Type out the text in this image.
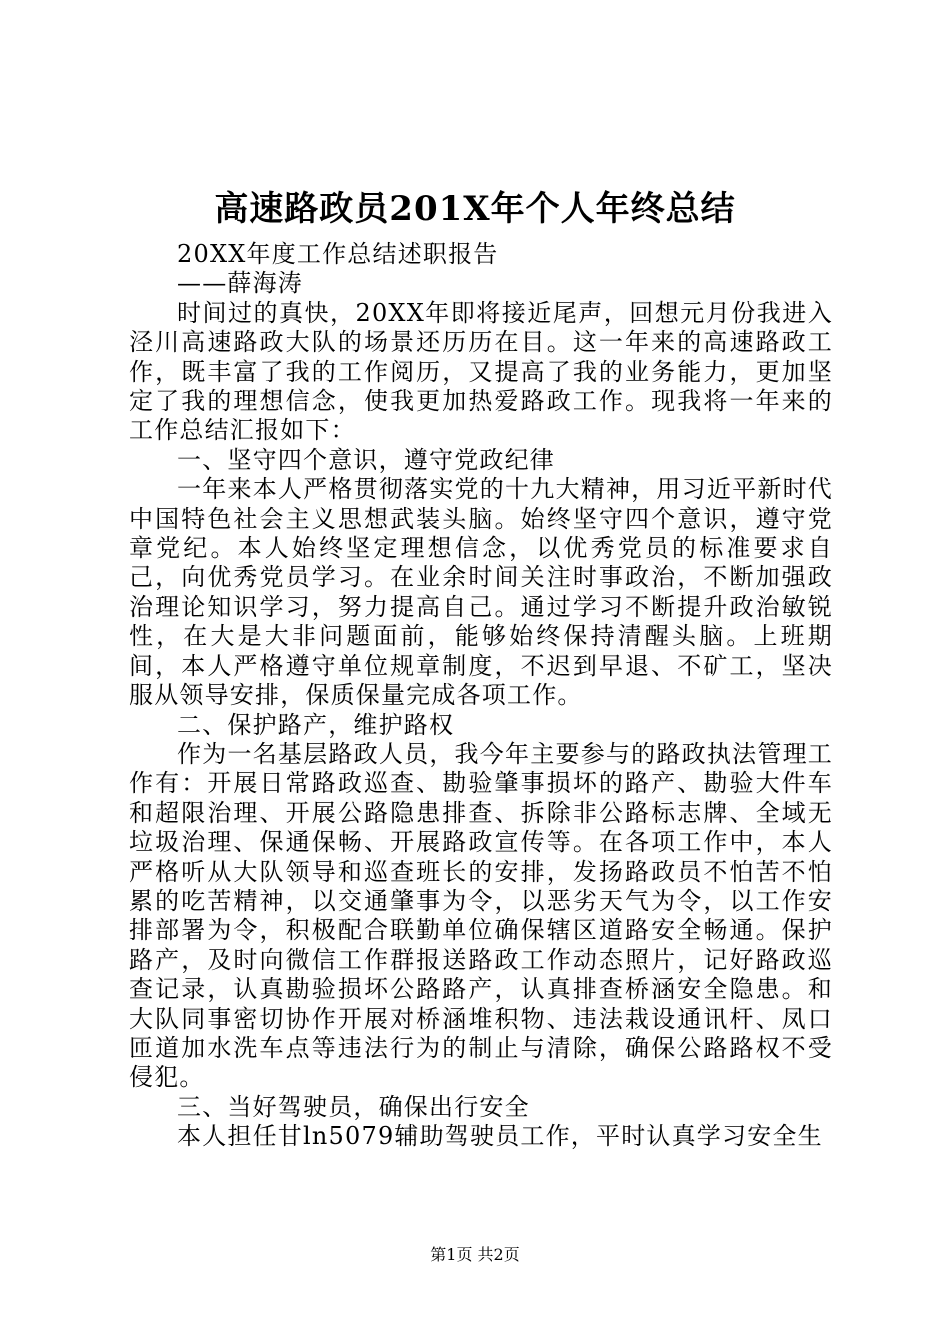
高速路政员201X年个人年终总结

20XX年度工作总结述职报告

——薛海涛

时间过的真快，20XX年即将接近尾声，回想元月份我进入泾川高速路政大队的场景还历历在目。这一年来的高速路政工作，既丰富了我的工作阅历，又提高了我的业务能力，更加坚定了我的理想信念，使我更加热爱路政工作。现我将一年来的工作总结汇报如下：

一、坚守四个意识，遵守党政纪律

一年来本人严格贯彻落实党的十九大精神，用习近平新时代中国特色社会主义思想武装头脑。始终坚守四个意识，遵守党章党纪。本人始终坚定理想信念，以优秀党员的标准要求自己，向优秀党员学习。在业余时间关注时事政治，不断加强政治理论知识学习，努力提高自己。通过学习不断提升政治敏锐性，在大是大非问题面前，能够始终保持清醒头脑。上班期间，本人严格遵守单位规章制度，不迟到早退、不矿工，坚决服从领导安排，保质保量完成各项工作。

二、保护路产，维护路权

作为一名基层路政人员，我今年主要参与的路政执法管理工作有：开展日常路政巡查、勘验肇事损坏的路产、勘验大件车和超限治理、开展公路隐患排查、拆除非公路标志牌、全域无垃圾治理、保通保畅、开展路政宣传等。在各项工作中，本人严格听从大队领导和巡查班长的安排，发扬路政员不怕苦不怕累的吃苦精神，以交通肇事为令，以恶劣天气为令，以工作安排部署为令，积极配合联勤单位确保辖区道路安全畅通。保护路产，及时向微信工作群报送路政工作动态照片，记好路政巡查记录，认真勘验损坏公路路产，认真排查桥涵安全隐患。和大队同事密切协作开展对桥涵堆积物、违法栽设通讯杆、凤口匝道加水洗车点等违法行为的制止与清除，确保公路路权不受侵犯。

三、当好驾驶员，确保出行安全

本人担任甘ln5079辅助驾驶员工作，平时认真学习安全生

第1页 共2页
